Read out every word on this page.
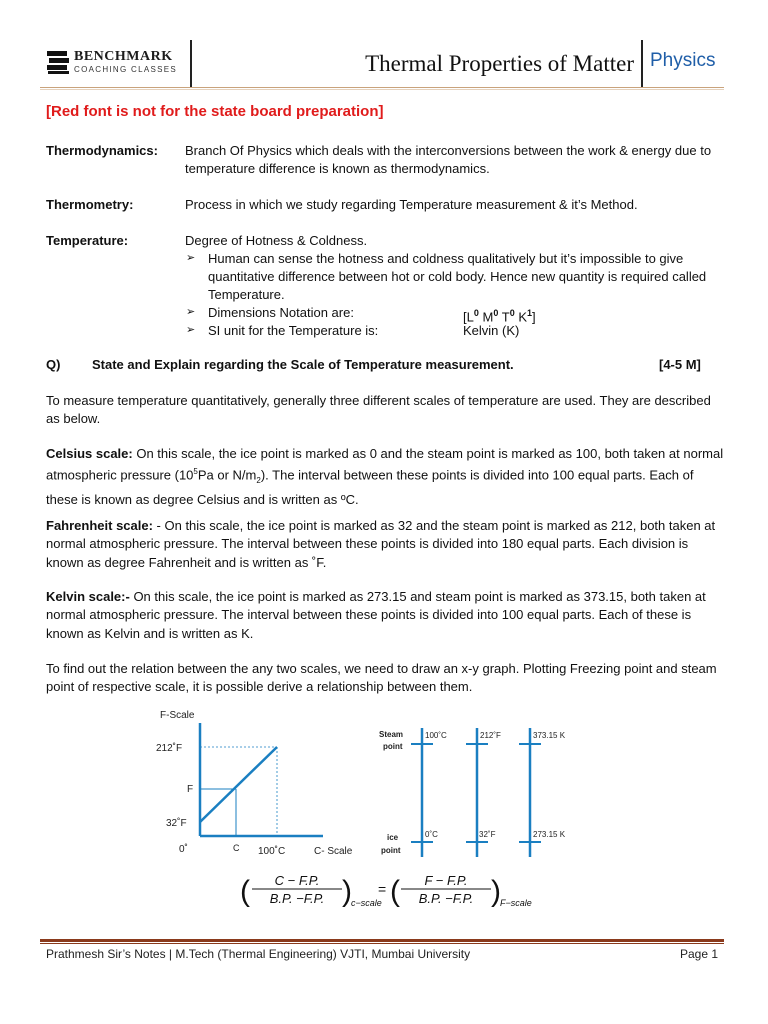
BENCHMARK
COACHING CLASSES	Thermal Properties of Matter Physics
[Red font is not for the state board preparation]
Thermodynamics: Branch Of Physics which deals with the interconversions between the work & energy due to temperature difference is known as thermodynamics.
Thermometry:	Process in which we study regarding Temperature measurement & it’s Method.
Temperature:	Degree of Hotness & Coldness.
➢ Human can sense the hotness and coldness qualitatively but it’s impossible to give quantitative difference between hot or cold body. Hence new quantity is required called Temperature.
➢ Dimensions Notation are:	[$L^0$ $M^0$ $T^0$ $K^1$]
➢ SI unit for the Temperature is:	Kelvin (K)
Q) State and Explain regarding the Scale of Temperature measurement.	[4-5 M]
To measure temperature quantitatively, generally three different scales of temperature are used. They are described as below.
Celsius scale: On this scale, the ice point is marked as 0 and the steam point is marked as 100, both taken at normal atmospheric pressure ($10^5Pa$ or $N/m_2$). The interval between these points is divided into 100 equal parts. Each of these is known as degree Celsius and is written as ºC.
Fahrenheit scale: - On this scale, the ice point is marked as 32 and the steam point is marked as 212, both taken at normal atmospheric pressure. The interval between these points is divided into 180 equal parts. Each division is known as degree Fahrenheit and is written as ˚F.
Kelvin scale:- On this scale, the ice point is marked as 273.15 and steam point is marked as 373.15, both taken at normal atmospheric pressure. The interval between these points is divided into 100 equal parts. Each of these is known as Kelvin and is written as K.
To find out the relation between the any two scales, we need to draw an x-y graph. Plotting Freezing point and steam point of respective scale, it is possible derive a relationship between them.
F-Scale
212˚F
F
32˚F
0˚	C 100˚C	C- Scale
Steam
point
ice
point
100˚C
0˚C
212˚F
32˚F
373.15 K
273.15 K
( C − F.P.
B.P. −F.P. ) c−scale
= ( F − F.P.
B.P. −F.P. ) F−scale
Prathmesh Sir’s Notes | M.Tech (Thermal Engineering) VJTI, Mumbai University	Page 1
